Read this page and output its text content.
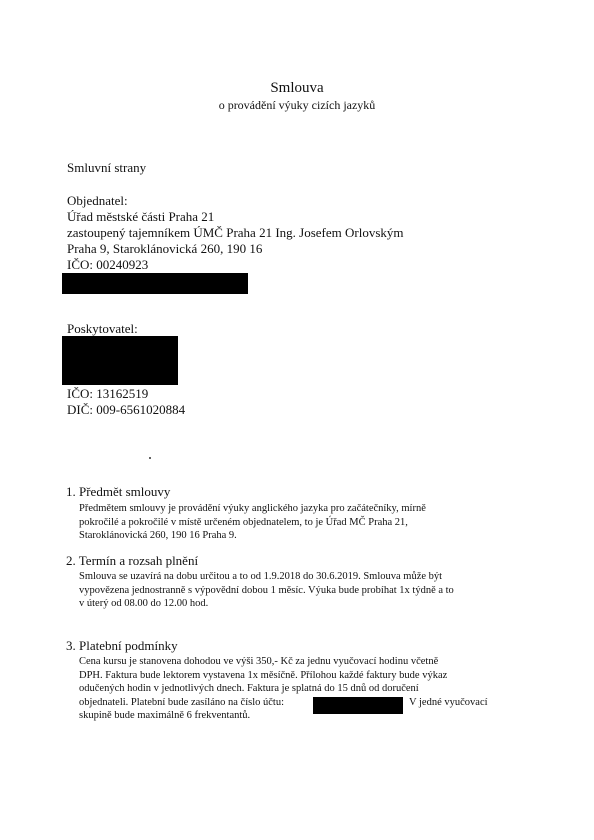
Smlouva
o provádění výuky cizích jazyků
Smluvní strany
Objednatel:
Úřad městské části Praha 21
zastoupený tajemníkem ÚMČ Praha 21 Ing. Josefem Orlovským
Praha 9, Staroklánovická 260, 190 16
IČO: 00240923
Poskytovatel:
IČO: 13162519
DIČ: 009-6561020884
1. Předmět smlouvy
Předmětem smlouvy je provádění výuky anglického jazyka pro začátečníky, mírně
pokročilé a pokročilé v místě určeném objednatelem, to je Úřad MČ Praha 21,
Staroklánovická 260, 190 16 Praha 9.
2. Termín a rozsah plnění
Smlouva se uzavírá na dobu určitou a to od 1.9.2018 do 30.6.2019. Smlouva může být
vypovězena jednostranně s výpovědní dobou 1 měsíc. Výuka bude probíhat 1x týdně a to
v úterý od 08.00 do 12.00 hod.
3. Platební podmínky
Cena kursu je stanovena dohodou ve výši 350,- Kč za jednu vyučovací hodinu včetně
DPH. Faktura bude lektorem vystavena 1x měsíčně. Přílohou každé faktury bude výkaz
odučených hodin v jednotlivých dnech. Faktura je splatná do 15 dnů od doručení
objednateli. Platební bude zasíláno na číslo účtu:
skupině bude maximálně 6 frekventantů.
V jedné vyučovací
